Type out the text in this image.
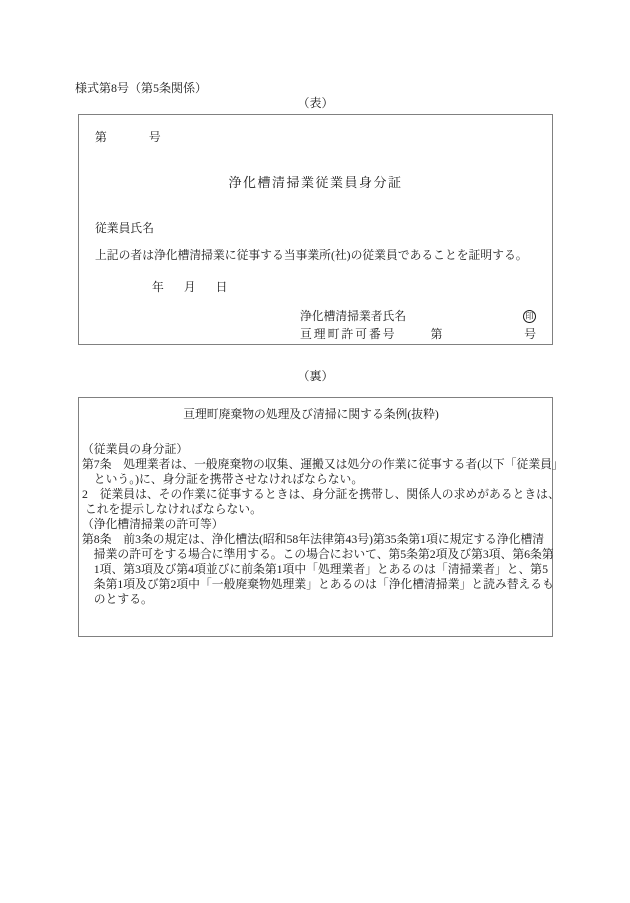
様式第8号（第5条関係）
（表）
第	号
浄化槽清掃業従業員身分証
従業員氏名
上記の者は浄化槽清掃業に従事する当事業所(社)の従業員であることを証明する。
年 月 日
浄化槽清掃業者氏名	印
亘理町許可番号	第	号
（裏）
亘理町廃棄物の処理及び清掃に関する条例(抜粋)
（従業員の身分証）
第7条　処理業者は、一般廃棄物の収集、運搬又は処分の作業に従事する者(以下「従業員」
という。)に、身分証を携帯させなければならない。
2　従業員は、その作業に従事するときは、身分証を携帯し、関係人の求めがあるときは、
これを提示しなければならない。
（浄化槽清掃業の許可等）
第8条　前3条の規定は、浄化槽法(昭和58年法律第43号)第35条第1項に規定する浄化槽清
掃業の許可をする場合に準用する。この場合において、第5条第2項及び第3項、第6条第
1項、第3項及び第4項並びに前条第1項中「処理業者」とあるのは「清掃業者」と、第5
条第1項及び第2項中「一般廃棄物処理業」とあるのは「浄化槽清掃業」と読み替えるも
のとする。
